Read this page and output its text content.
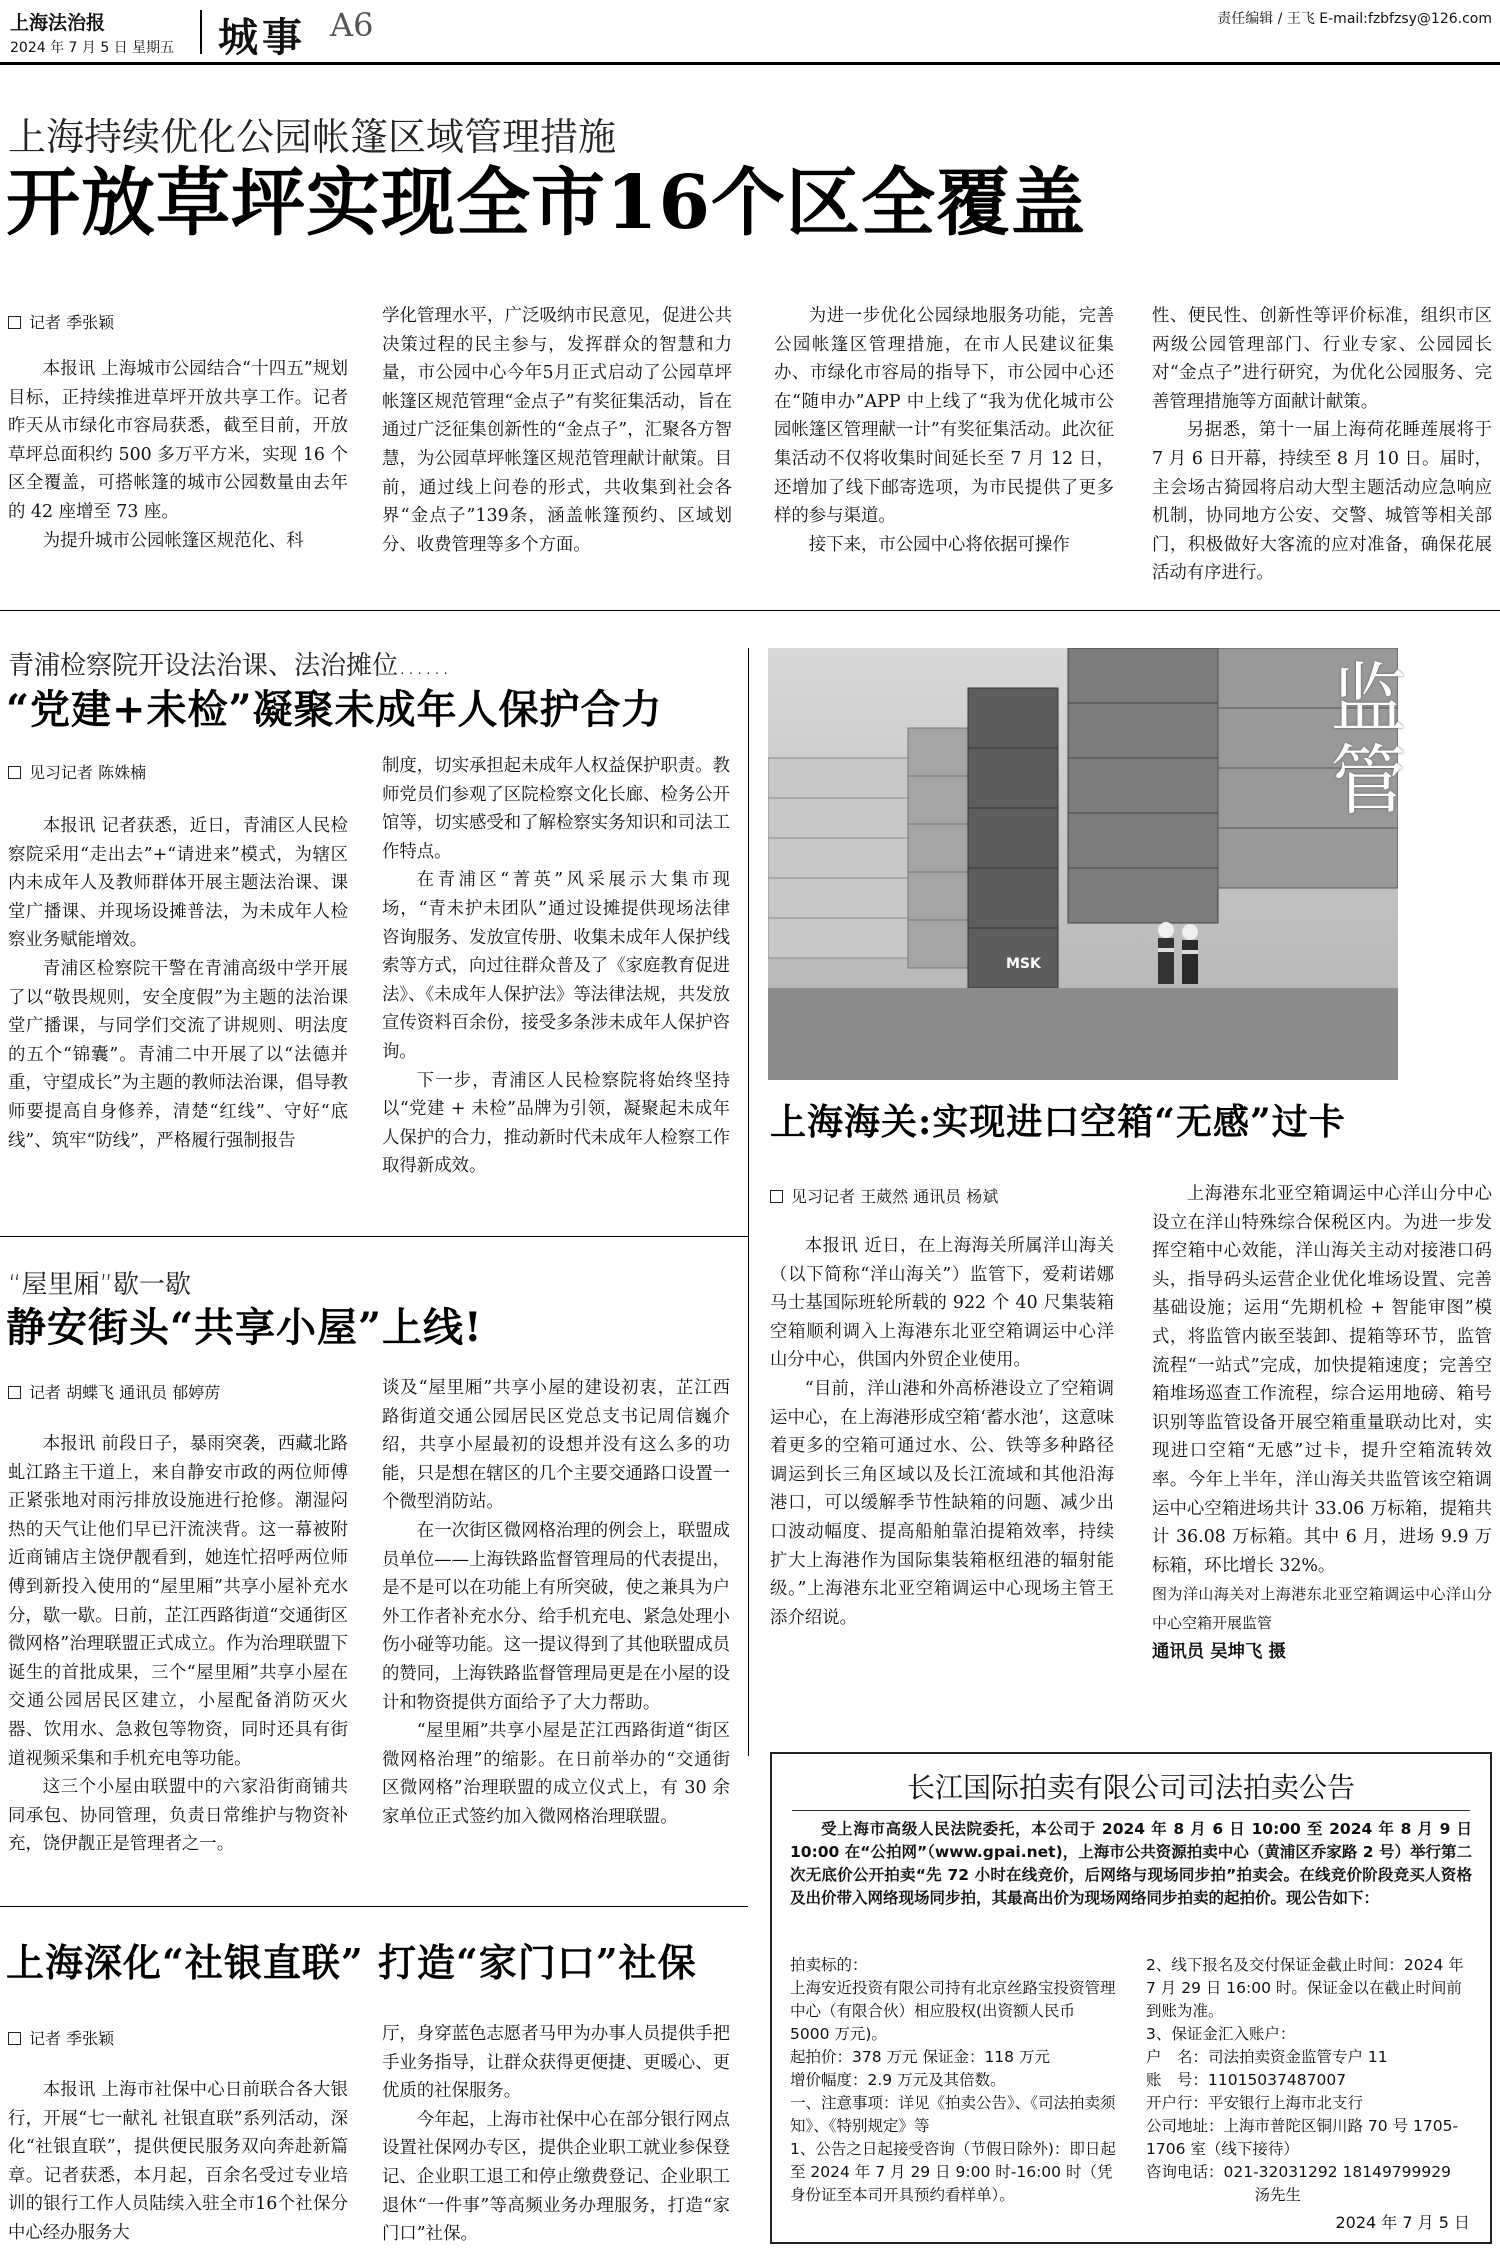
上海法治报
2024 年 7 月 5 日 星期五 城事 A6	责任编辑 / 王飞 E-mail:fzbfzsy@126.com
上海持续优化公园帐篷区域管理措施
开放草坪实现全市16个区全覆盖
记者 季张颖

本报讯 上海城市公园结合“十四五”规划目标，正持续推进草坪开放共享工作。记者昨天从市绿化市容局获悉，截至目前，开放草坪总面积约 500 多万平方米，实现 16 个区全覆盖，可搭帐篷的城市公园数量由去年的 42 座增至 73 座。

为提升城市公园帐篷区规范化、科

学化管理水平，广泛吸纳市民意见，促进公共决策过程的民主参与，发挥群众的智慧和力量，市公园中心今年5月正式启动了公园草坪帐篷区规范管理“金点子”有奖征集活动，旨在通过广泛征集创新性的“金点子”，汇聚各方智慧，为公园草坪帐篷区规范管理献计献策。目前，通过线上问卷的形式，共收集到社会各界“金点子”139条，涵盖帐篷预约、区域划分、收费管理等多个方面。

为进一步优化公园绿地服务功能，完善公园帐篷区管理措施，在市人民建议征集办、市绿化市容局的指导下，市公园中心还在“随申办”APP 中上线了“我为优化城市公园帐篷区管理献一计”有奖征集活动。此次征集活动不仅将收集时间延长至 7 月 12 日，还增加了线下邮寄选项，为市民提供了更多样的参与渠道。

接下来，市公园中心将依据可操作

性、便民性、创新性等评价标准，组织市区两级公园管理部门、行业专家、公园园长对“金点子”进行研究，为优化公园服务、完善管理措施等方面献计献策。

另据悉，第十一届上海荷花睡莲展将于 7 月 6 日开幕，持续至 8 月 10 日。届时，主会场古猗园将启动大型主题活动应急响应机制，协同地方公安、交警、城管等相关部门，积极做好大客流的应对准备，确保花展活动有序进行。

青浦检察院开设法治课、法治摊位……
“党建+未检”凝聚未成年人保护合力
见习记者 陈姝楠

本报讯 记者获悉，近日，青浦区人民检察院采用“走出去”+“请进来”模式，为辖区内未成年人及教师群体开展主题法治课、课堂广播课、并现场设摊普法，为未成年人检察业务赋能增效。

青浦区检察院干警在青浦高级中学开展了以“敬畏规则，安全度假”为主题的法治课堂广播课，与同学们交流了讲规则、明法度的五个“锦囊”。青浦二中开展了以“法德并重，守望成长”为主题的教师法治课，倡导教师要提高自身修养，清楚“红线”、守好“底线”、筑牢“防线”，严格履行强制报告

制度，切实承担起未成年人权益保护职责。教师党员们参观了区院检察文化长廊、检务公开馆等，切实感受和了解检察实务知识和司法工作特点。

在青浦区“菁英”风采展示大集市现场，“青未护未团队”通过设摊提供现场法律咨询服务、发放宣传册、收集未成年人保护线索等方式，向过往群众普及了《家庭教育促进法》、《未成年人保护法》等法律法规，共发放宣传资料百余份，接受多条涉未成年人保护咨询。

下一步，青浦区人民检察院将始终坚持以“党建 + 未检”品牌为引领，凝聚起未成年人保护的合力，推动新时代未成年人检察工作取得新成效。

“屋里厢”歇一歇
静安街头“共享小屋”上线!
记者 胡蝶飞 通讯员 郁婷苈

本报讯 前段日子，暴雨突袭，西藏北路虬江路主干道上，来自静安市政的两位师傅正紧张地对雨污排放设施进行抢修。潮湿闷热的天气让他们早已汗流浃背。这一幕被附近商铺店主饶伊靓看到，她连忙招呼两位师傅到新投入使用的“屋里厢”共享小屋补充水分，歇一歇。日前，芷江西路街道“交通街区微网格”治理联盟正式成立。作为治理联盟下诞生的首批成果，三个“屋里厢”共享小屋在交通公园居民区建立，小屋配备消防灭火器、饮用水、急救包等物资，同时还具有街道视频采集和手机充电等功能。

这三个小屋由联盟中的六家沿街商铺共同承包、协同管理，负责日常维护与物资补充，饶伊靓正是管理者之一。

谈及“屋里厢”共享小屋的建设初衷，芷江西路街道交通公园居民区党总支书记周信巍介绍，共享小屋最初的设想并没有这么多的功能，只是想在辖区的几个主要交通路口设置一个微型消防站。

在一次街区微网格治理的例会上，联盟成员单位——上海铁路监督管理局的代表提出，是不是可以在功能上有所突破，使之兼具为户外工作者补充水分、给手机充电、紧急处理小伤小碰等功能。这一提议得到了其他联盟成员的赞同，上海铁路监督管理局更是在小屋的设计和物资提供方面给予了大力帮助。

“屋里厢”共享小屋是芷江西路街道“街区微网格治理”的缩影。在日前举办的“交通街区微网格”治理联盟的成立仪式上，有 30 余家单位正式签约加入微网格治理联盟。

上海深化“社银直联” 打造“家门口”社保
记者 季张颖

本报讯 上海市社保中心日前联合各大银行，开展“七一献礼 社银直联”系列活动，深化“社银直联”，提供便民服务双向奔赴新篇章。记者获悉，本月起，百余名受过专业培训的银行工作人员陆续入驻全市16个社保分中心经办服务大

厅，身穿蓝色志愿者马甲为办事人员提供手把手业务指导，让群众获得更便捷、更暖心、更优质的社保服务。

今年起，上海市社保中心在部分银行网点设置社保网办专区，提供企业职工就业参保登记、企业职工退工和停止缴费登记、企业职工退休“一件事”等高频业务办理服务，打造“家门口”社保。

MSK
监管
上海海关:实现进口空箱“无感”过卡
见习记者 王葳然 通讯员 杨斌

本报讯 近日，在上海海关所属洋山海关（以下简称“洋山海关”）监管下，爱莉诺娜马士基国际班轮所载的 922 个 40 尺集装箱空箱顺利调入上海港东北亚空箱调运中心洋山分中心，供国内外贸企业使用。

“目前，洋山港和外高桥港设立了空箱调运中心，在上海港形成空箱‘蓄水池’，这意味着更多的空箱可通过水、公、铁等多种路径调运到长三角区域以及长江流域和其他沿海港口，可以缓解季节性缺箱的问题、减少出口波动幅度、提高船舶靠泊提箱效率，持续扩大上海港作为国际集装箱枢纽港的辐射能级。”上海港东北亚空箱调运中心现场主管王添介绍说。

上海港东北亚空箱调运中心洋山分中心设立在洋山特殊综合保税区内。为进一步发挥空箱中心效能，洋山海关主动对接港口码头，指导码头运营企业优化堆场设置、完善基础设施；运用“先期机检 + 智能审图”模式，将监管内嵌至装卸、提箱等环节，监管流程“一站式”完成，加快提箱速度；完善空箱堆场巡查工作流程，综合运用地磅、箱号识别等监管设备开展空箱重量联动比对，实现进口空箱“无感”过卡，提升空箱流转效率。今年上半年，洋山海关共监管该空箱调运中心空箱进场共计 33.06 万标箱，提箱共计 36.08 万标箱。其中 6 月，进场 9.9 万标箱，环比增长 32%。

图为洋山海关对上海港东北亚空箱调运中心洋山分中心空箱开展监管

通讯员 吴坤飞 摄

长江国际拍卖有限公司司法拍卖公告
受上海市高级人民法院委托，本公司于 2024 年 8 月 6 日 10:00 至 2024 年 8 月 9 日 10:00 在“公拍网”（www.gpai.net)，上海市公共资源拍卖中心（黄浦区乔家路 2 号）举行第二次无底价公开拍卖“先 72 小时在线竞价，后网络与现场同步拍”拍卖会。在线竞价阶段竞买人资格及出价带入网络现场同步拍，其最高出价为现场网络同步拍卖的起拍价。现公告如下：
拍卖标的：
上海安近投资有限公司持有北京丝路宝投资管理中心（有限合伙）相应股权(出资额人民币 5000 万元)。
起拍价：378 万元 保证金：118 万元
增价幅度：2.9 万元及其倍数。
一、注意事项：详见《拍卖公告》、《司法拍卖须知》、《特别规定》等
1、公告之日起接受咨询（节假日除外)：即日起至 2024 年 7 月 29 日 9:00 时-16:00 时（凭身份证至本司开具预约看样单）。
2、线下报名及交付保证金截止时间：2024 年 7 月 29 日 16:00 时。保证金以在截止时间前到账为准。
3、保证金汇入账户：
户　名：司法拍卖资金监管专户 11
账　号：11015037487007
开户行：平安银行上海市北支行
公司地址：上海市普陀区铜川路 70 号 1705-1706 室（线下接待）
咨询电话：021-32031292 18149799929
汤先生
2024 年 7 月 5 日
